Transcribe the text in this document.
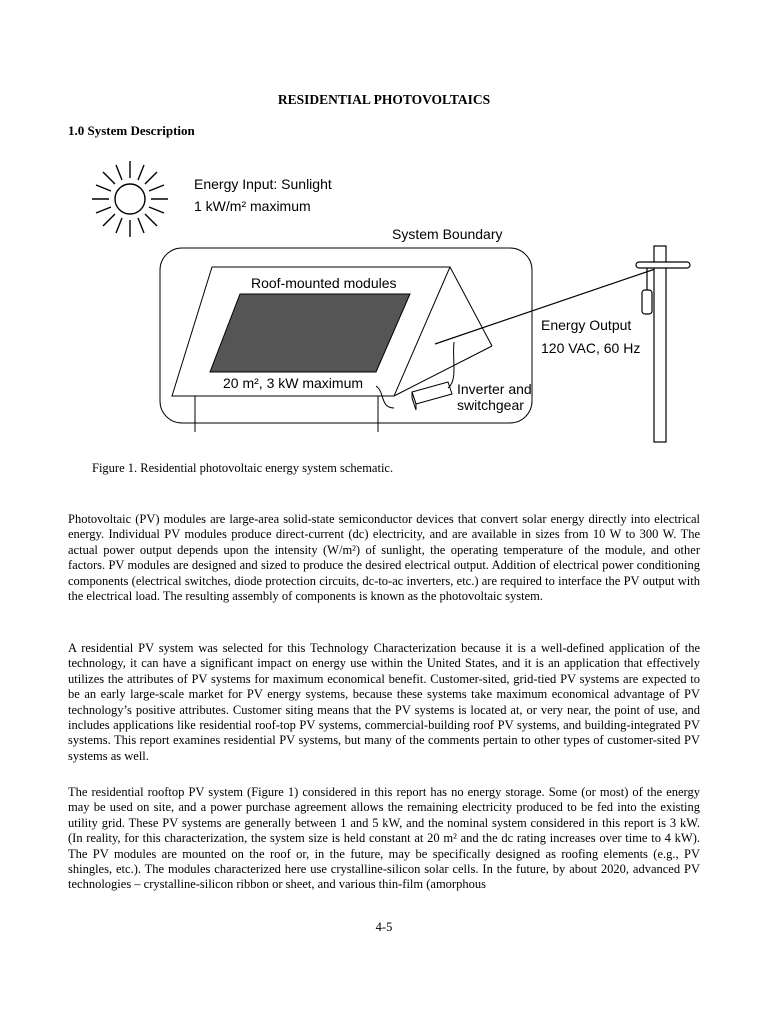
RESIDENTIAL PHOTOVOLTAICS
1.0 System Description
Energy Input: Sunlight
1 kW/m² maximum
System Boundary
Roof-mounted modules
20 m², 3 kW maximum	Inverter and
switchgear
Energy Output
120 VAC, 60 Hz
Figure 1. Residential photovoltaic energy system schematic.

Photovoltaic (PV) modules are large-area solid-state semiconductor devices that convert solar energy directly into electrical energy. Individual PV modules produce direct-current (dc) electricity, and are available in sizes from 10 W to 300 W. The actual power output depends upon the intensity (W/m²) of sunlight, the operating temperature of the module, and other factors. PV modules are designed and sized to produce the desired electrical output. Addition of electrical power conditioning components (electrical switches, diode protection circuits, dc-to-ac inverters, etc.) are required to interface the PV output with the electrical load. The resulting assembly of components is known as the photovoltaic system.

A residential PV system was selected for this Technology Characterization because it is a well-defined application of the technology, it can have a significant impact on energy use within the United States, and it is an application that effectively utilizes the attributes of PV systems for maximum economical benefit. Customer-sited, grid-tied PV systems are expected to be an early large-scale market for PV energy systems, because these systems take maximum economical advantage of PV technology’s positive attributes. Customer siting means that the PV systems is located at, or very near, the point of use, and includes applications like residential roof-top PV systems, commercial-building roof PV systems, and building-integrated PV systems. This report examines residential PV systems, but many of the comments pertain to other types of customer-sited PV systems as well.

The residential rooftop PV system (Figure 1) considered in this report has no energy storage. Some (or most) of the energy may be used on site, and a power purchase agreement allows the remaining electricity produced to be fed into the existing utility grid. These PV systems are generally between 1 and 5 kW, and the nominal system considered in this report is 3 kW. (In reality, for this characterization, the system size is held constant at 20 m² and the dc rating increases over time to 4 kW). The PV modules are mounted on the roof or, in the future, may be specifically designed as roofing elements (e.g., PV shingles, etc.). The modules characterized here use crystalline-silicon solar cells. In the future, by about 2020, advanced PV technologies – crystalline-silicon ribbon or sheet, and various thin-film (amorphous

4-5
